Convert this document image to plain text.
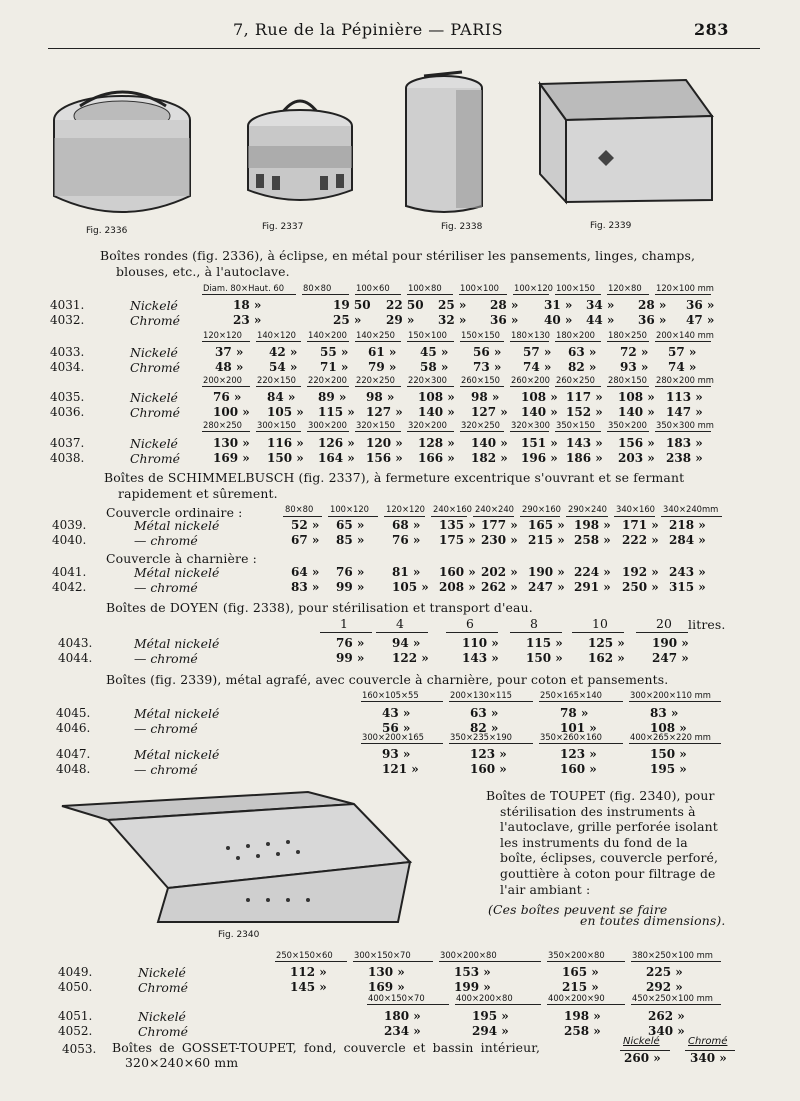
7, Rue de la Pépinière — PARIS	283
Fig. 2336	Fig. 2337	Fig. 2338	Fig. 2339
Boîtes rondes (fig. 2336), à éclipse, en métal pour stériliser les pansements, linges, champs,
blouses, etc., à l'autoclave.
Diam. 80×Haut. 60 80×80	100×60 100×80 100×100 100×120 100×150 120×80 120×100 mm
4031.	Nickelé	18 »	19 50 22 50 25 » 28 » 31 » 34 » 28 » 36 »
4032.	Chromé	23 »	25 » 29 » 32 » 36 » 40 » 44 » 36 » 47 »
120×120 140×120 140×200 140×250 150×100 150×150 180×130 180×200 180×250 200×140 mm
4033.	Nickelé	37 » 42 » 55 » 61 » 45 » 56 » 57 » 63 » 72 » 57 »
4034.	Chromé	48 » 54 » 71 » 79 » 58 » 73 » 74 » 82 » 93 » 74 »
200×200 220×150 220×200 220×250 220×300 260×150 260×200 260×250 280×150 280×200 mm
4035.	Nickelé	76 » 84 » 89 » 98 » 108 » 98 » 108 » 117 » 108 » 113 »
4036.	Chromé	100 » 105 » 115 » 127 » 140 » 127 » 140 » 152 » 140 » 147 »
280×250 300×150 300×200 320×150 320×200 320×250 320×300 350×150 350×200 350×300 mm
4037.	Nickelé	130 » 116 » 126 » 120 » 128 » 140 » 151 » 143 » 156 » 183 »
4038.	Chromé	169 » 150 » 164 » 156 » 166 » 182 » 196 » 186 » 203 » 238 »
Boîtes de SCHIMMELBUSCH (fig. 2337), à fermeture excentrique s'ouvrant et se fermant
rapidement et sûrement.
Couvercle ordinaire :
Couvercle à charnière :
80×80 100×120 120×120 240×160 240×240 290×160 290×240 340×160 340×240mm
4039.	Métal nickelé	52 » 65 » 68 » 135 » 177 » 165 » 198 » 171 » 218 »
4040.	— chromé	67 » 85 » 76 » 175 » 230 » 215 » 258 » 222 » 284 »
4041.	Métal nickelé	64 » 76 » 81 » 160 » 202 » 190 » 224 » 192 » 243 »
4042.	— chromé	83 » 99 » 105 » 208 » 262 » 247 » 291 » 250 » 315 »
Boîtes de DOYEN (fig. 2338), pour stérilisation et transport d'eau.
litres.
1	4	6	8	10	20
4043.	Métal nickelé	76 » 94 »	110 » 115 » 125 » 190 »
4044.	— chromé	99 » 122 »	143 » 150 » 162 » 247 »
Boîtes (fig. 2339), métal agrafé, avec couvercle à charnière, pour coton et pansements.
160×105×55	200×130×115	250×165×140	300×200×110 mm
4045.	Métal nickelé	43 »	63 »	78 »	83 »
4046.	— chromé	56 »	82 »	101 »	108 »
300×200×165	350×235×190	350×260×160	400×265×220 mm
4047.	Métal nickelé	93 »	123 »	123 »	150 »
4048.	— chromé	121 »	160 »	160 »	195 »
Fig. 2340
Boîtes de TOUPET (fig. 2340), pour
stérilisation des instruments à
l'autoclave, grille perforée isolant
les instruments du fond de la
boîte, éclipses, couvercle perforé,
gouttière à coton pour filtrage de
l'air ambiant :
(Ces boîtes peuvent se faire
en toutes dimensions).
250×150×60	300×150×70	300×200×80	350×200×80	380×250×100 mm
4049.	Nickelé	112 »	130 »	153 »	165 »	225 »
4050.	Chromé	145 »	169 »	199 »	215 »	292 »
400×150×70	400×200×80	400×200×90	450×250×100 mm
4051.	Nickelé	180 »	195 »	198 »	262 »
4052.	Chromé	234 »	294 »	258 »	340 »
4053. Boîtes de GOSSET-TOUPET, fond, couvercle et bassin intérieur,
320×240×60 mm
Nickelé	Chromé
260 » 340 »
